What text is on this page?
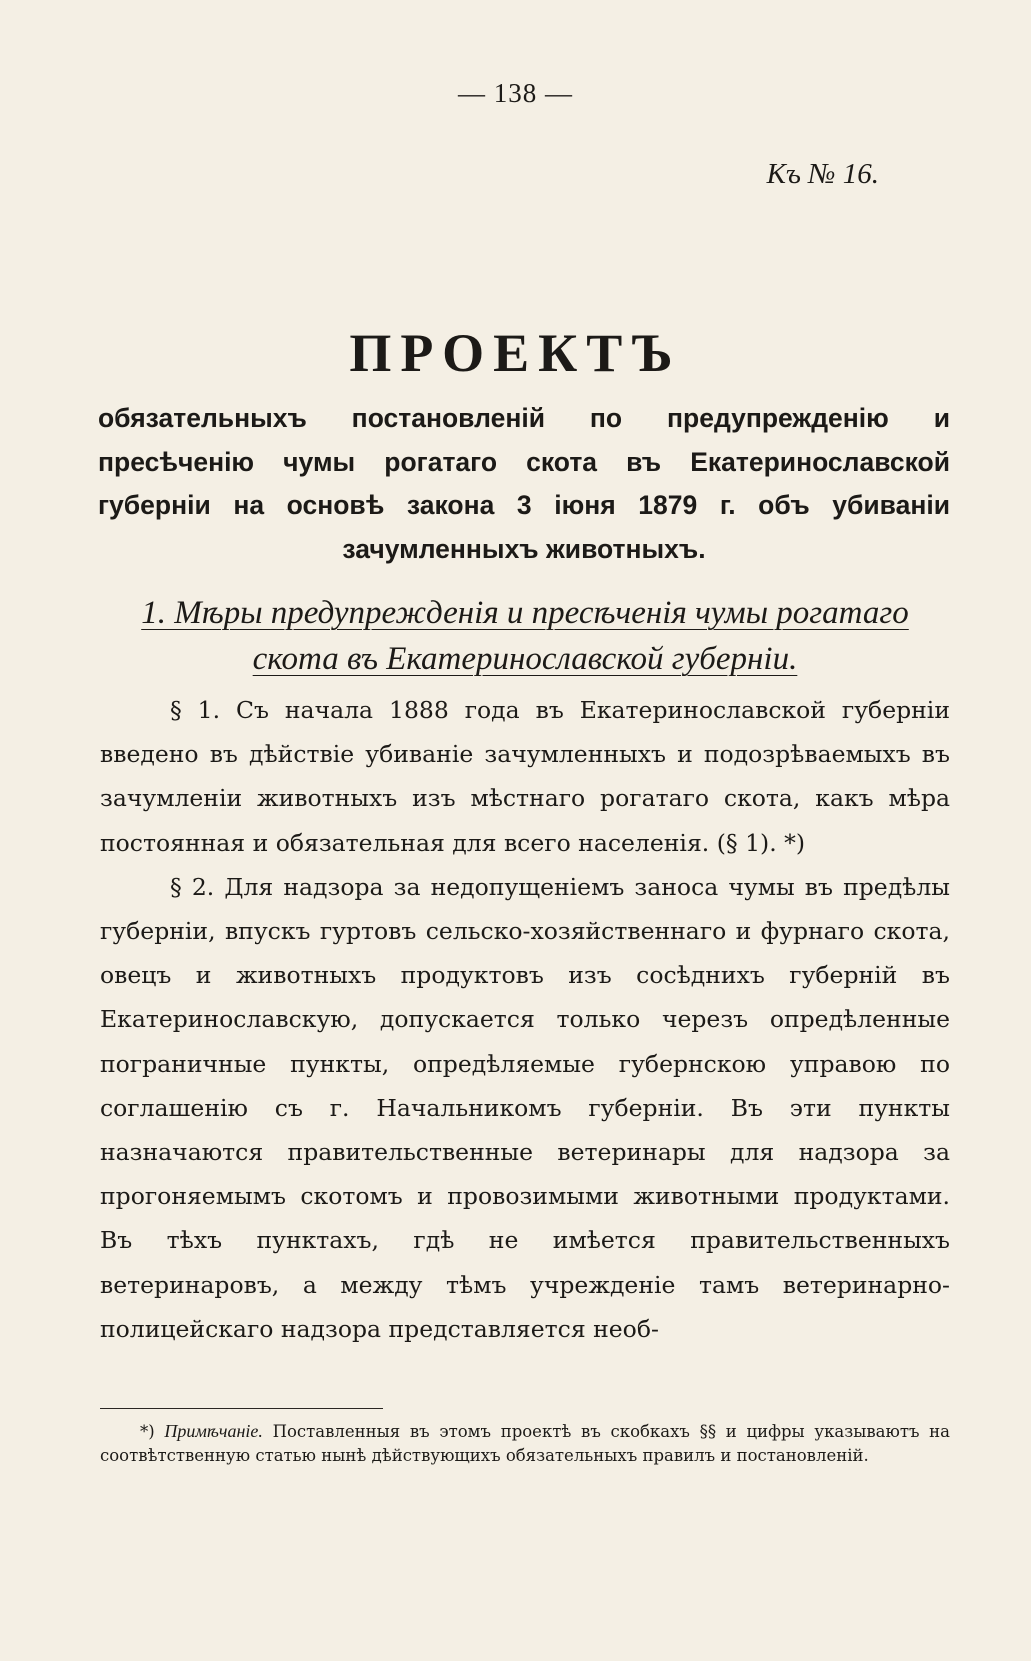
— 138 —
Къ № 16.
ПРОЕКТЪ
обязательныхъ постановленій по предупрежденію и пресѣченію чумы рогатаго скота въ Екатеринославской губерніи на основѣ закона 3 іюня 1879 г. объ убиваніи зачумленныхъ животныхъ.
1. Мѣры предупрежденія и пресѣченія чумы рогатаго скота въ Екатеринославской губерніи.

§ 1. Съ начала 1888 года въ Екатеринославской губерніи введено въ дѣйствіе убиваніе зачумленныхъ и подозрѣваемыхъ въ зачумленіи животныхъ изъ мѣстнаго рогатаго скота, какъ мѣра постоянная и обязательная для всего населенія. (§ 1). *)

§ 2. Для надзора за недопущеніемъ заноса чумы въ предѣлы губерніи, впускъ гуртовъ сельско-хозяйственнаго и фурнаго скота, овецъ и животныхъ продуктовъ изъ сосѣднихъ губерній въ Екатеринославскую, допускается только черезъ опредѣленные пограничные пункты, опредѣляемые губернскою управою по соглашенію съ г. Начальникомъ губерніи. Въ эти пункты назначаются правительственные ветеринары для надзора за прогоняемымъ скотомъ и провозимыми животными продуктами. Въ тѣхъ пунктахъ, гдѣ не имѣется правительственныхъ ветеринаровъ, а между тѣмъ учрежденіе тамъ ветеринарно-полицейскаго надзора представляется необ-

*) Примѣчаніе. Поставленныя въ этомъ проектѣ въ скобкахъ §§ и цифры указываютъ на соотвѣтственную статью нынѣ дѣйствующихъ обязательныхъ правилъ и постановленій.
